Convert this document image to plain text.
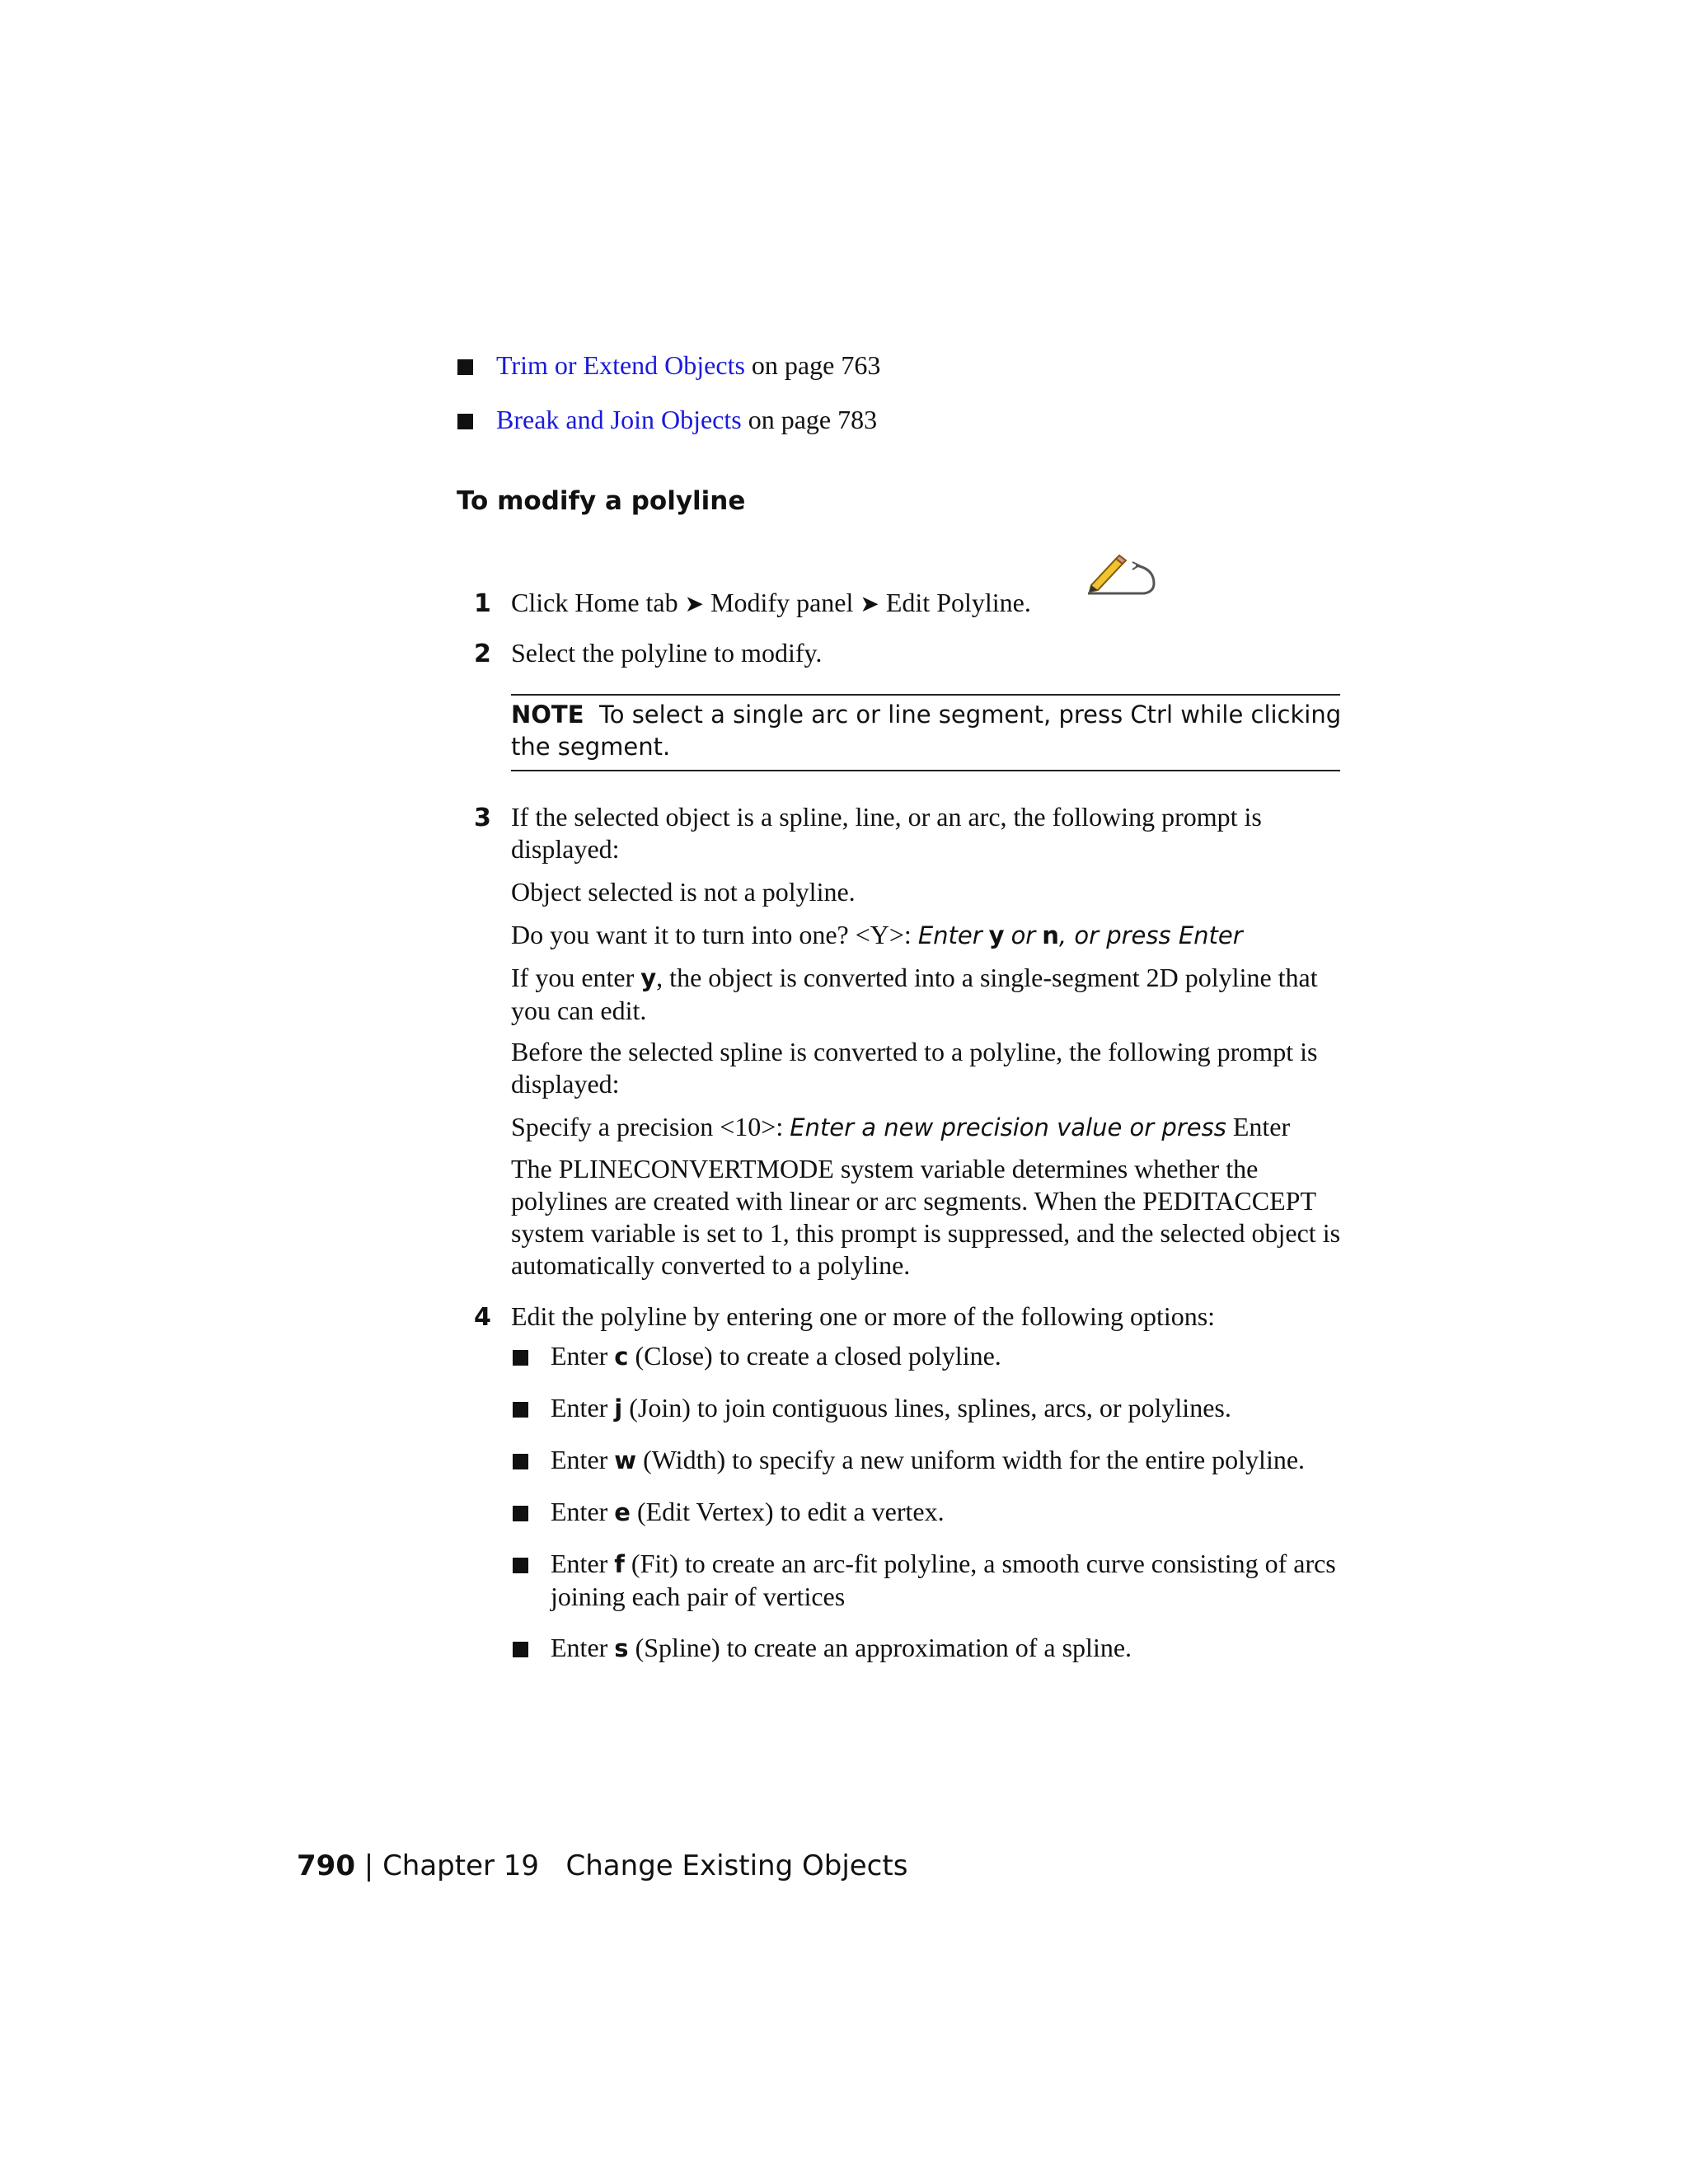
Trim or Extend Objects on page 763
Break and Join Objects on page 783
To modify a polyline
1 Click Home tab ➤ Modify panel ➤ Edit Polyline.
2 Select the polyline to modify.
NOTE To select a single arc or line segment, press Ctrl while clicking the segment.
3 If the selected object is a spline, line, or an arc, the following prompt is displayed:
Object selected is not a polyline.
Do you want it to turn into one? <Y>: Enter y or n, or press Enter
If you enter y, the object is converted into a single-segment 2D polyline that you can edit.
Before the selected spline is converted to a polyline, the following prompt is displayed:
Specify a precision <10>: Enter a new precision value or press Enter
The PLINECONVERTMODE system variable determines whether the polylines are created with linear or arc segments. When the PEDITACCEPT system variable is set to 1, this prompt is suppressed, and the selected object is automatically converted to a polyline.
4 Edit the polyline by entering one or more of the following options:
Enter c (Close) to create a closed polyline.
Enter j (Join) to join contiguous lines, splines, arcs, or polylines.
Enter w (Width) to specify a new uniform width for the entire polyline.
Enter e (Edit Vertex) to edit a vertex.
Enter f (Fit) to create an arc-fit polyline, a smooth curve consisting of arcs joining each pair of vertices
Enter s (Spline) to create an approximation of a spline.
790 | Chapter 19 Change Existing Objects
